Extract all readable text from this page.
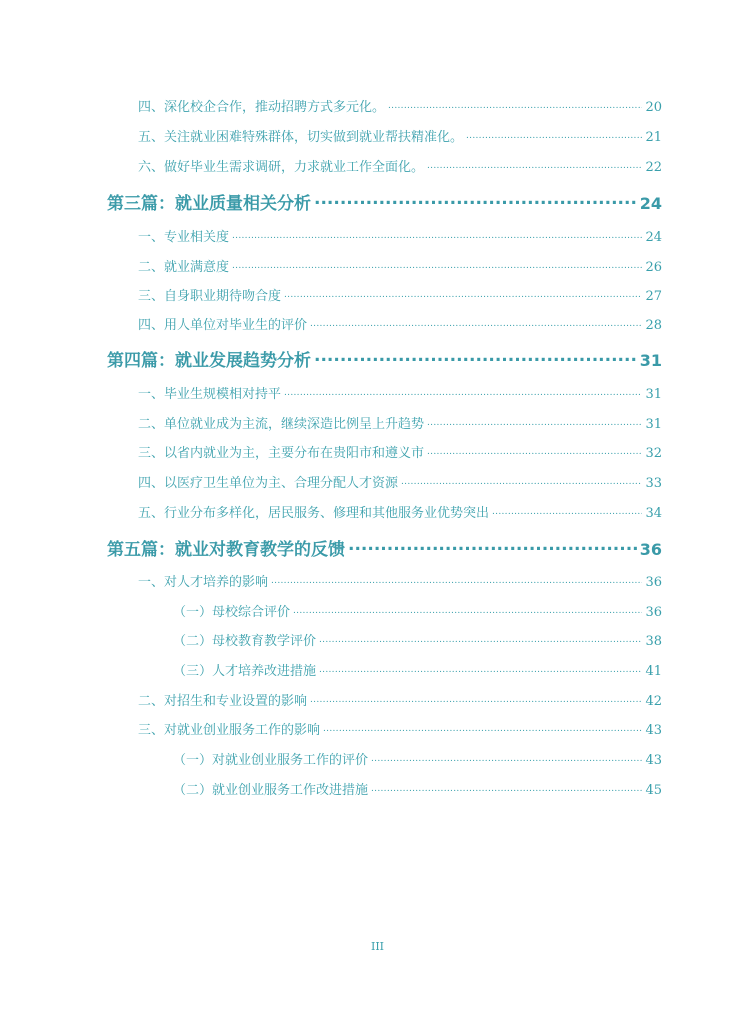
四、深化校企合作，推动招聘方式多元化。 .....	20
五、关注就业困难特殊群体，切实做到就业帮扶精准化。 .....	21
六、做好毕业生需求调研，力求就业工作全面化。 .....	22
第三篇：就业质量相关分析 .....	24
一、专业相关度 .....	24
二、就业满意度 .....	26
三、自身职业期待吻合度 .....	27
四、用人单位对毕业生的评价 .....	28
第四篇：就业发展趋势分析 .....	31
一、毕业生规模相对持平 .....	31
二、单位就业成为主流，继续深造比例呈上升趋势 .....	31
三、以省内就业为主，主要分布在贵阳市和遵义市 .....	32
四、以医疗卫生单位为主、合理分配人才资源 .....	33
五、行业分布多样化，居民服务、修理和其他服务业优势突出 .....	34
第五篇：就业对教育教学的反馈 .....	36
一、对人才培养的影响 .....	36
（一）母校综合评价 .....	36
（二）母校教育教学评价 .....	38
（三）人才培养改进措施 .....	41
二、对招生和专业设置的影响 .....	42
三、对就业创业服务工作的影响 .....	43
（一）对就业创业服务工作的评价 .....	43
（二）就业创业服务工作改进措施 .....	45
III
